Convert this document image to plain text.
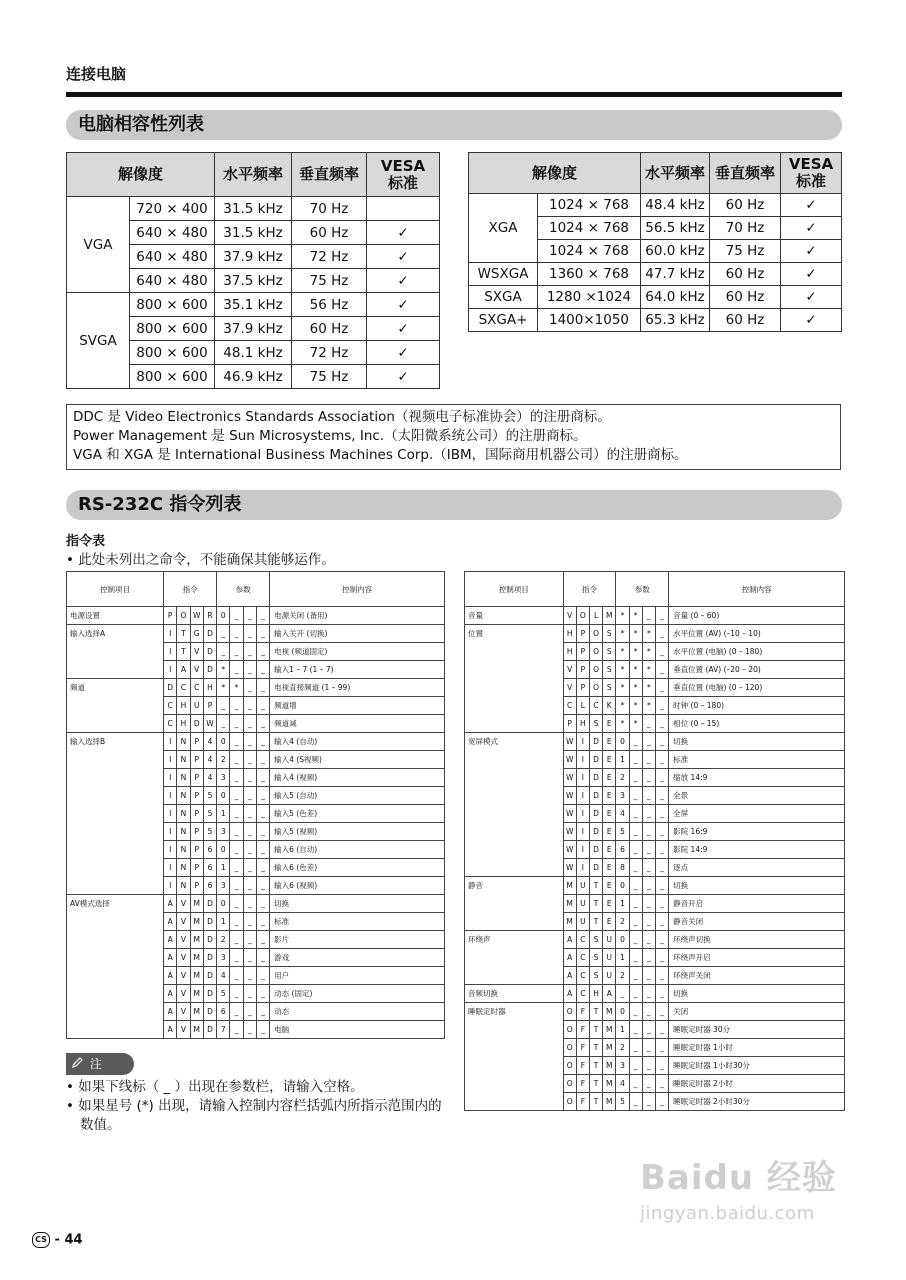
连接电脑
电脑相容性列表
解像度		水平频率	垂直频率	VESA
标准
VGA	720 × 400	31.5 kHz	70 Hz	
	640 × 480	31.5 kHz	60 Hz	✓
	640 × 480	37.9 kHz	72 Hz	✓
	640 × 480	37.5 kHz	75 Hz	✓
SVGA	800 × 600	35.1 kHz	56 Hz	✓
	800 × 600	37.9 kHz	60 Hz	✓
	800 × 600	48.1 kHz	72 Hz	✓
	800 × 600	46.9 kHz	75 Hz	✓
解像度		水平频率	垂直频率	VESA
标准
XGA	1024 × 768	48.4 kHz	60 Hz	✓
	1024 × 768	56.5 kHz	70 Hz	✓
	1024 × 768	60.0 kHz	75 Hz	✓
WSXGA	1360 × 768	47.7 kHz	60 Hz	✓
SXGA	1280 ×1024	64.0 kHz	60 Hz	✓
SXGA+	1400×1050	65.3 kHz	60 Hz	✓
DDC 是 Video Electronics Standards Association（视频电子标准协会）的注册商标。
Power Management 是 Sun Microsystems, Inc.（太阳微系统公司）的注册商标。
VGA 和 XGA 是 International Business Machines Corp.（IBM，国际商用机器公司）的注册商标。
RS-232C 指令列表
指令表
• 此处未列出之命令，不能确保其能够运作。
控制项目	指令				参数				控制内容
电源设置	P	O	W	R	0	_	_	_	电源关闭 (备用)
输入选择A	I	T	G	D	_	_	_	_	输入关开 (切换)
	I	T	V	D	_	_	_	_	电视 (频道固定)
	I	A	V	D	*	_	_	_	输入1 – 7 (1 – 7)
频道	D	C	C	H	*	*	_	_	电视直接频道 (1 – 99)
	C	H	U	P	_	_	_	_	频道增
	C	H	D	W	_	_	_	_	频道减
输入选择B	I	N	P	4	0	_	_	_	输入4 (自动)
	I	N	P	4	2	_	_	_	输入4 (S视频)
	I	N	P	4	3	_	_	_	输入4 (视频)
	I	N	P	5	0	_	_	_	输入5 (自动)
	I	N	P	5	1	_	_	_	输入5 (色差)
	I	N	P	5	3	_	_	_	输入5 (视频)
	I	N	P	6	0	_	_	_	输入6 (自动)
	I	N	P	6	1	_	_	_	输入6 (色差)
	I	N	P	6	3	_	_	_	输入6 (视频)
AV模式选择	A	V	M	D	0	_	_	_	切换
	A	V	M	D	1	_	_	_	标准
	A	V	M	D	2	_	_	_	影片
	A	V	M	D	3	_	_	_	游戏
	A	V	M	D	4	_	_	_	用户
	A	V	M	D	5	_	_	_	动态 (固定)
	A	V	M	D	6	_	_	_	动态
	A	V	M	D	7	_	_	_	电脑
控制项目	指令				参数				控制内容
音量	V	O	L	M	*	*	_	_	音量 (0 – 60)
位置	H	P	O	S	*	*	*	_	水平位置 (AV) (–10 – 10)
	H	P	O	S	*	*	*	_	水平位置 (电脑) (0 – 180)
	V	P	O	S	*	*	*	_	垂直位置 (AV) (–20 – 20)
	V	P	O	S	*	*	*	_	垂直位置 (电脑) (0 – 120)
	C	L	C	K	*	*	*	_	时钟 (0 – 180)
	P	H	S	E	*	*	_	_	相位 (0 – 15)
宽屏模式	W	I	D	E	0	_	_	_	切换
	W	I	D	E	1	_	_	_	标准
	W	I	D	E	2	_	_	_	缩放 14:9
	W	I	D	E	3	_	_	_	全景
	W	I	D	E	4	_	_	_	全屏
	W	I	D	E	5	_	_	_	影院 16:9
	W	I	D	E	6	_	_	_	影院 14:9
	W	I	D	E	8	_	_	_	逐点
静音	M	U	T	E	0	_	_	_	切换
	M	U	T	E	1	_	_	_	静音开启
	M	U	T	E	2	_	_	_	静音关闭
环绕声	A	C	S	U	0	_	_	_	环绕声切换
	A	C	S	U	1	_	_	_	环绕声开启
	A	C	S	U	2	_	_	_	环绕声关闭
音频切换	A	C	H	A	_	_	_	_	切换
睡眠定时器	O	F	T	M	0	_	_	_	关闭
	O	F	T	M	1	_	_	_	睡眠定时器 30分
	O	F	T	M	2	_	_	_	睡眠定时器 1小时
	O	F	T	M	3	_	_	_	睡眠定时器 1小时30分
	O	F	T	M	4	_	_	_	睡眠定时器 2小时
	O	F	T	M	5	_	_	_	睡眠定时器 2小时30分
注
• 如果下线标（ _ ）出现在参数栏，请输入空格。
• 如果星号 (*) 出现，请输入控制内容栏括弧内所指示范围内的数值。
CS - 44
Baidu 经验
jingyan.baidu.com
